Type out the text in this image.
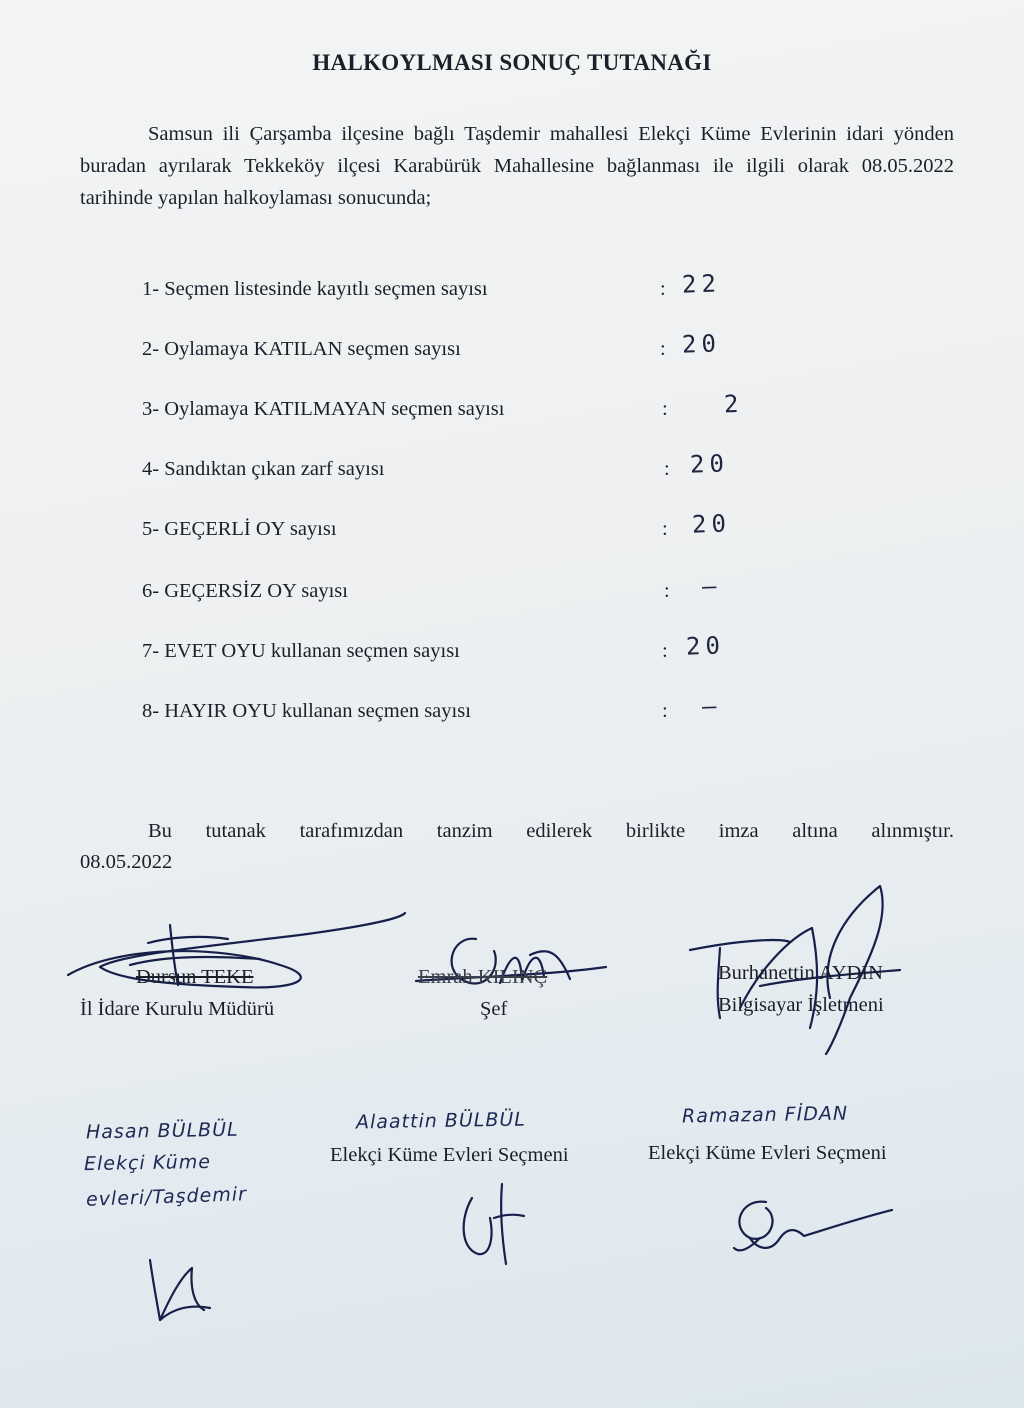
HALKOYLMASI SONUÇ TUTANAĞI
Samsun ili Çarşamba ilçesine bağlı Taşdemir mahallesi Elekçi Küme Evlerinin idari yönden buradan ayrılarak Tekkeköy ilçesi Karabürük Mahallesine bağlanması ile ilgili olarak 08.05.2022 tarihinde yapılan halkoylaması sonucunda;
1- Seçmen listesinde kayıtlı seçmen sayısı	: 22
2- Oylamaya KATILAN seçmen sayısı	: 20
3- Oylamaya KATILMAYAN seçmen sayısı	: 2
4- Sandıktan çıkan zarf sayısı	: 20
5- GEÇERLİ OY sayısı	: 20
6- GEÇERSİZ OY sayısı	: —
7- EVET OYU kullanan seçmen sayısı	: 20
8- HAYIR OYU kullanan seçmen sayısı	: —
Bu tutanak tarafımızdan tanzim edilerek birlikte imza altına alınmıştır.
08.05.2022
Dursun TEKE
İl İdare Kurulu Müdürü
Emrah KILINÇ
Şef
Burhanettin AYDIN
Bilgisayar İşletmeni
Hasan BÜLBÜL
Elekçi Küme
evleri/Taşdemir
Alaattin BÜLBÜL
Elekçi Küme Evleri Seçmeni
Ramazan FİDAN
Elekçi Küme Evleri Seçmeni
